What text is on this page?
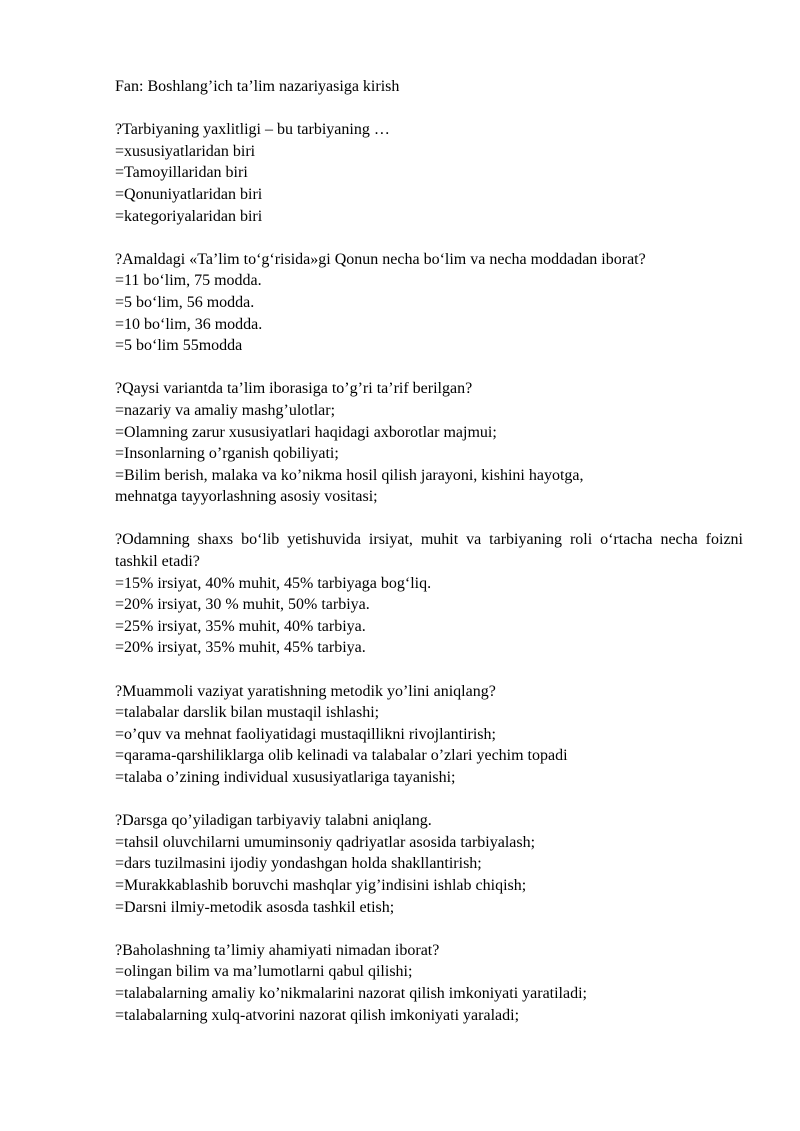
Fan: Boshlang’ich ta’lim nazariyasiga kirish

?Tarbiyaning yaxlitligi – bu tarbiyaning …

=xususiyatlaridan biri

=Tamoyillaridan biri

=Qonuniyatlaridan biri

=kategoriyalaridan biri

?Amaldagi «Ta’lim to‘g‘risida»gi Qonun necha bo‘lim va necha moddadan iborat?

=11 bo‘lim, 75 modda.

=5 bo‘lim, 56 modda.

=10 bo‘lim, 36 modda.

=5 bo‘lim 55modda

?Qaysi variantda ta’lim iborasiga to’g’ri ta’rif berilgan?

=nazariy va amaliy mashg’ulotlar;

=Olamning zarur xususiyatlari haqidagi axborotlar majmui;

=Insonlarning o’rganish qobiliyati;

=Bilim berish, malaka va ko’nikma hosil qilish jarayoni, kishini hayotga,

mehnatga tayyorlashning asosiy vositasi;

?Odamning shaxs bo‘lib yetishuvida irsiyat, muhit va tarbiyaning roli o‘rtacha necha foizni tashkil etadi?

=15% irsiyat, 40% muhit, 45% tarbiyaga bog‘liq.

=20% irsiyat, 30 % muhit, 50% tarbiya.

=25% irsiyat, 35% muhit, 40% tarbiya.

=20% irsiyat, 35% muhit, 45% tarbiya.

?Muammoli vaziyat yaratishning metodik yo’lini aniqlang?

=talabalar darslik bilan mustaqil ishlashi;

=o’quv va mehnat faoliyatidagi mustaqillikni rivojlantirish;

=qarama-qarshiliklarga olib kelinadi va talabalar o’zlari yechim topadi

=talaba o’zining individual xususiyatlariga tayanishi;

?Darsga qo’yiladigan tarbiyaviy talabni aniqlang.

=tahsil oluvchilarni umuminsoniy qadriyatlar asosida tarbiyalash;

=dars tuzilmasini ijodiy yondashgan holda shakllantirish;

=Murakkablashib boruvchi mashqlar yig’indisini ishlab chiqish;

=Darsni ilmiy-metodik asosda tashkil etish;

?Baholashning ta’limiy ahamiyati nimadan iborat?

=olingan bilim va ma’lumotlarni qabul qilishi;

=talabalarning amaliy ko’nikmalarini nazorat qilish imkoniyati yaratiladi;

=talabalarning xulq-atvorini nazorat qilish imkoniyati yaraladi;
